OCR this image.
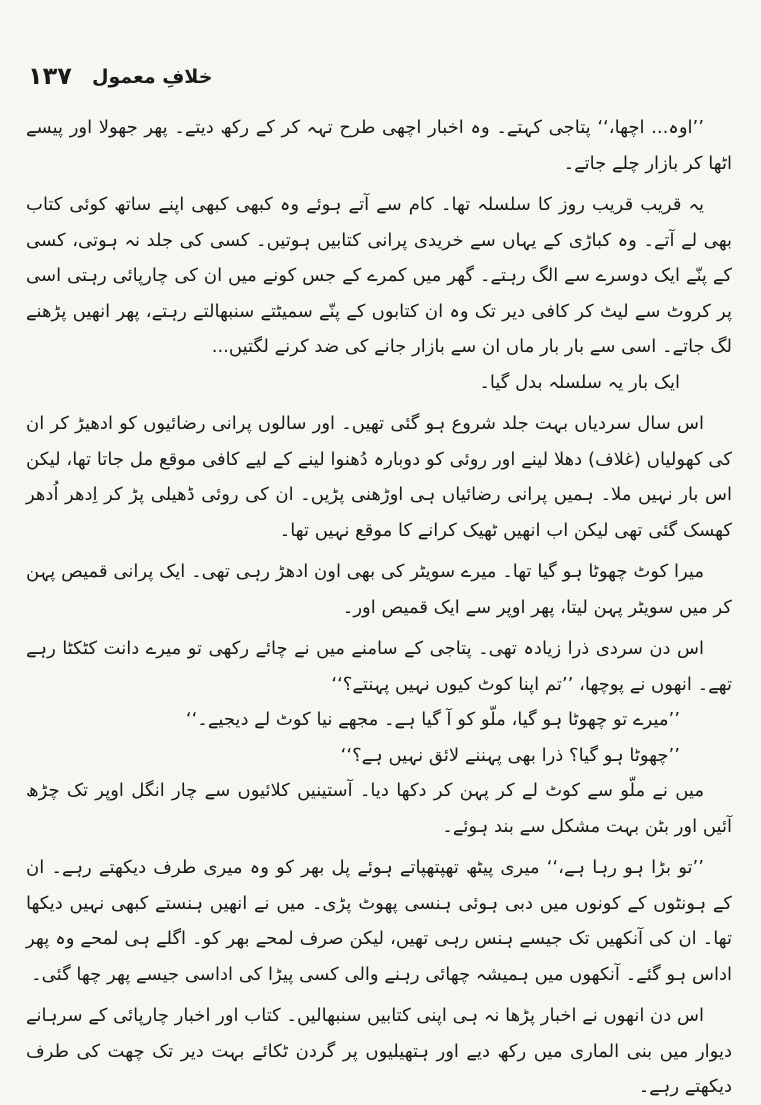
۱۳۷ خلافِ معمول

’’اوہ... اچھا،‘‘ پتاجی کہتے۔ وہ اخبار اچھی طرح تہہ کر کے رکھ دیتے۔ پھر جھولا اور پیسے اٹھا کر بازار چلے جاتے۔

یہ قریب قریب روز کا سلسلہ تھا۔ کام سے آتے ہوئے وہ کبھی کبھی اپنے ساتھ کوئی کتاب بھی لے آتے۔ وہ کباڑی کے یہاں سے خریدی پرانی کتابیں ہوتیں۔ کسی کی جلد نہ ہوتی، کسی کے پنّے ایک دوسرے سے الگ رہتے۔ گھر میں کمرے کے جس کونے میں ان کی چارپائی رہتی اسی پر کروٹ سے لیٹ کر کافی دیر تک وہ ان کتابوں کے پنّے سمیٹتے سنبھالتے رہتے، پھر انھیں پڑھنے لگ جاتے۔ اسی سے بار بار ماں ان سے بازار جانے کی ضد کرنے لگتیں...

ایک بار یہ سلسلہ بدل گیا۔

اس سال سردیاں بہت جلد شروع ہو گئی تھیں۔ اور سالوں پرانی رضائیوں کو ادھیڑ کر ان کی کھولیاں (غلاف) دھلا لینے اور روئی کو دوبارہ دُھنوا لینے کے لیے کافی موقع مل جاتا تھا، لیکن اس بار نہیں ملا۔ ہمیں پرانی رضائیاں ہی اوڑھنی پڑیں۔ ان کی روئی ڈھیلی پڑ کر اِدھر اُدھر کھسک گئی تھی لیکن اب انھیں ٹھیک کرانے کا موقع نہیں تھا۔

میرا کوٹ چھوٹا ہو گیا تھا۔ میرے سویٹر کی بھی اون ادھڑ رہی تھی۔ ایک پرانی قمیص پہن کر میں سویٹر پہن لیتا، پھر اوپر سے ایک قمیص اور۔

اس دن سردی ذرا زیادہ تھی۔ پتاجی کے سامنے میں نے چائے رکھی تو میرے دانت کٹکٹا رہے تھے۔ انھوں نے پوچھا، ’’تم اپنا کوٹ کیوں نہیں پہنتے؟‘‘

’’میرے تو چھوٹا ہو گیا، ملّو کو آ گیا ہے۔ مجھے نیا کوٹ لے دیجیے۔‘‘

’’چھوٹا ہو گیا؟ ذرا بھی پہننے لائق نہیں ہے؟‘‘

میں نے ملّو سے کوٹ لے کر پہن کر دکھا دیا۔ آستینیں کلائیوں سے چار انگل اوپر تک چڑھ آئیں اور بٹن بہت مشکل سے بند ہوئے۔

’’تو بڑا ہو رہا ہے،‘‘ میری پیٹھ تھپتھپاتے ہوئے پل بھر کو وہ میری طرف دیکھتے رہے۔ ان کے ہونٹوں کے کونوں میں دبی ہوئی ہنسی پھوٹ پڑی۔ میں نے انھیں ہنستے کبھی نہیں دیکھا تھا۔ ان کی آنکھیں تک جیسے ہنس رہی تھیں، لیکن صرف لمحے بھر کو۔ اگلے ہی لمحے وہ پھر اداس ہو گئے۔ آنکھوں میں ہمیشہ چھائی رہنے والی کسی پیڑا کی اداسی جیسے پھر چھا گئی۔

اس دن انھوں نے اخبار پڑھا نہ ہی اپنی کتابیں سنبھالیں۔ کتاب اور اخبار چارپائی کے سرہانے دیوار میں بنی الماری میں رکھ دیے اور ہتھیلیوں پر گردن ٹکائے بہت دیر تک چھت کی طرف دیکھتے رہے۔
